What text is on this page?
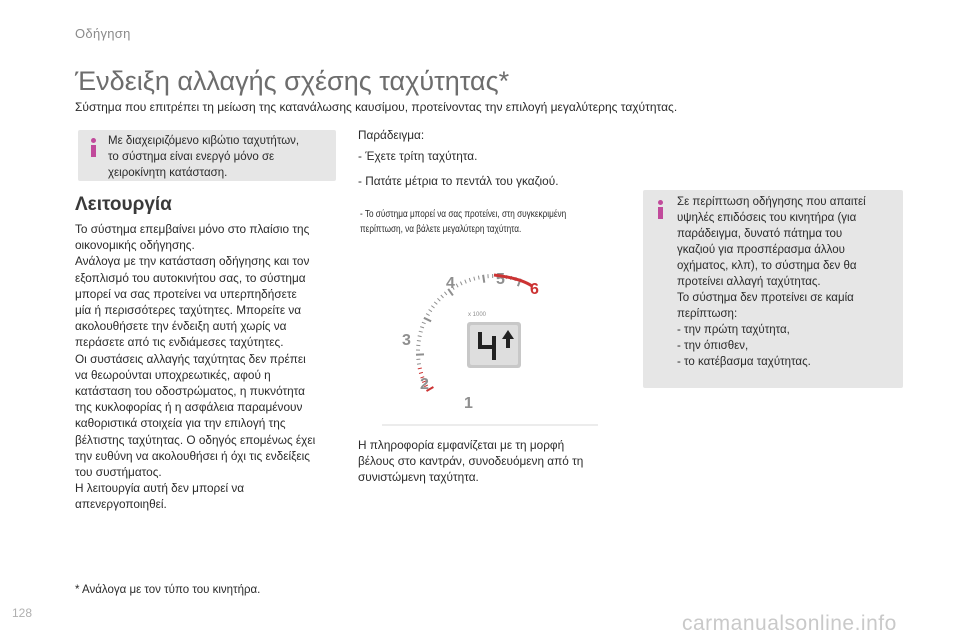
Οδήγηση
Ένδειξη αλλαγής σχέσης ταχύτητας*
Σύστημα που επιτρέπει τη μείωση της κατανάλωσης καυσίμου, προτείνοντας την επιλογή μεγαλύτερης ταχύτητας.
Με διαχειριζόμενο κιβώτιο ταχυτήτων,
το σύστημα είναι ενεργό μόνο σε
χειροκίνητη κατάσταση.
Λειτουργία
Το σύστημα επεμβαίνει μόνο στο πλαίσιο της
οικονομικής οδήγησης.
Ανάλογα με την κατάσταση οδήγησης και τον
εξοπλισμό του αυτοκινήτου σας, το σύστημα
μπορεί να σας προτείνει να υπερπηδήσετε
μία ή περισσότερες ταχύτητες. Μπορείτε να
ακολουθήσετε την ένδειξη αυτή χωρίς να
περάσετε από τις ενδιάμεσες ταχύτητες.
Οι συστάσεις αλλαγής ταχύτητας δεν πρέπει
να θεωρούνται υποχρεωτικές, αφού η
κατάσταση του οδοστρώματος, η πυκνότητα
της κυκλοφορίας ή η ασφάλεια παραμένουν
καθοριστικά στοιχεία για την επιλογή της
βέλτιστης ταχύτητας. Ο οδηγός επομένως έχει
την ευθύνη να ακολουθήσει ή όχι τις ενδείξεις
του συστήματος.
Η λειτουργία αυτή δεν μπορεί να
απενεργοποιηθεί.
Παράδειγμα:
- Έχετε τρίτη ταχύτητα.
- Πατάτε μέτρια το πεντάλ του γκαζιού.
- Το σύστημα μπορεί να σας προτείνει, στη συγκεκριμένη
περίπτωση, να βάλετε μεγαλύτερη ταχύτητα.
1
2
3
4	5
6
x 1000
Η πληροφορία εμφανίζεται με τη μορφή
βέλους στο καντράν, συνοδευόμενη από τη
συνιστώμενη ταχύτητα.
Σε περίπτωση οδήγησης που απαιτεί
υψηλές επιδόσεις του κινητήρα (για
παράδειγμα, δυνατό πάτημα του
γκαζιού για προσπέρασμα άλλου
οχήματος, κλπ), το σύστημα δεν θα
προτείνει αλλαγή ταχύτητας.
Το σύστημα δεν προτείνει σε καμία
περίπτωση:
- την πρώτη ταχύτητα,
- την όπισθεν,
- το κατέβασμα ταχύτητας.
* Ανάλογα με τον τύπο του κινητήρα.
128	carmanualsonline.info
